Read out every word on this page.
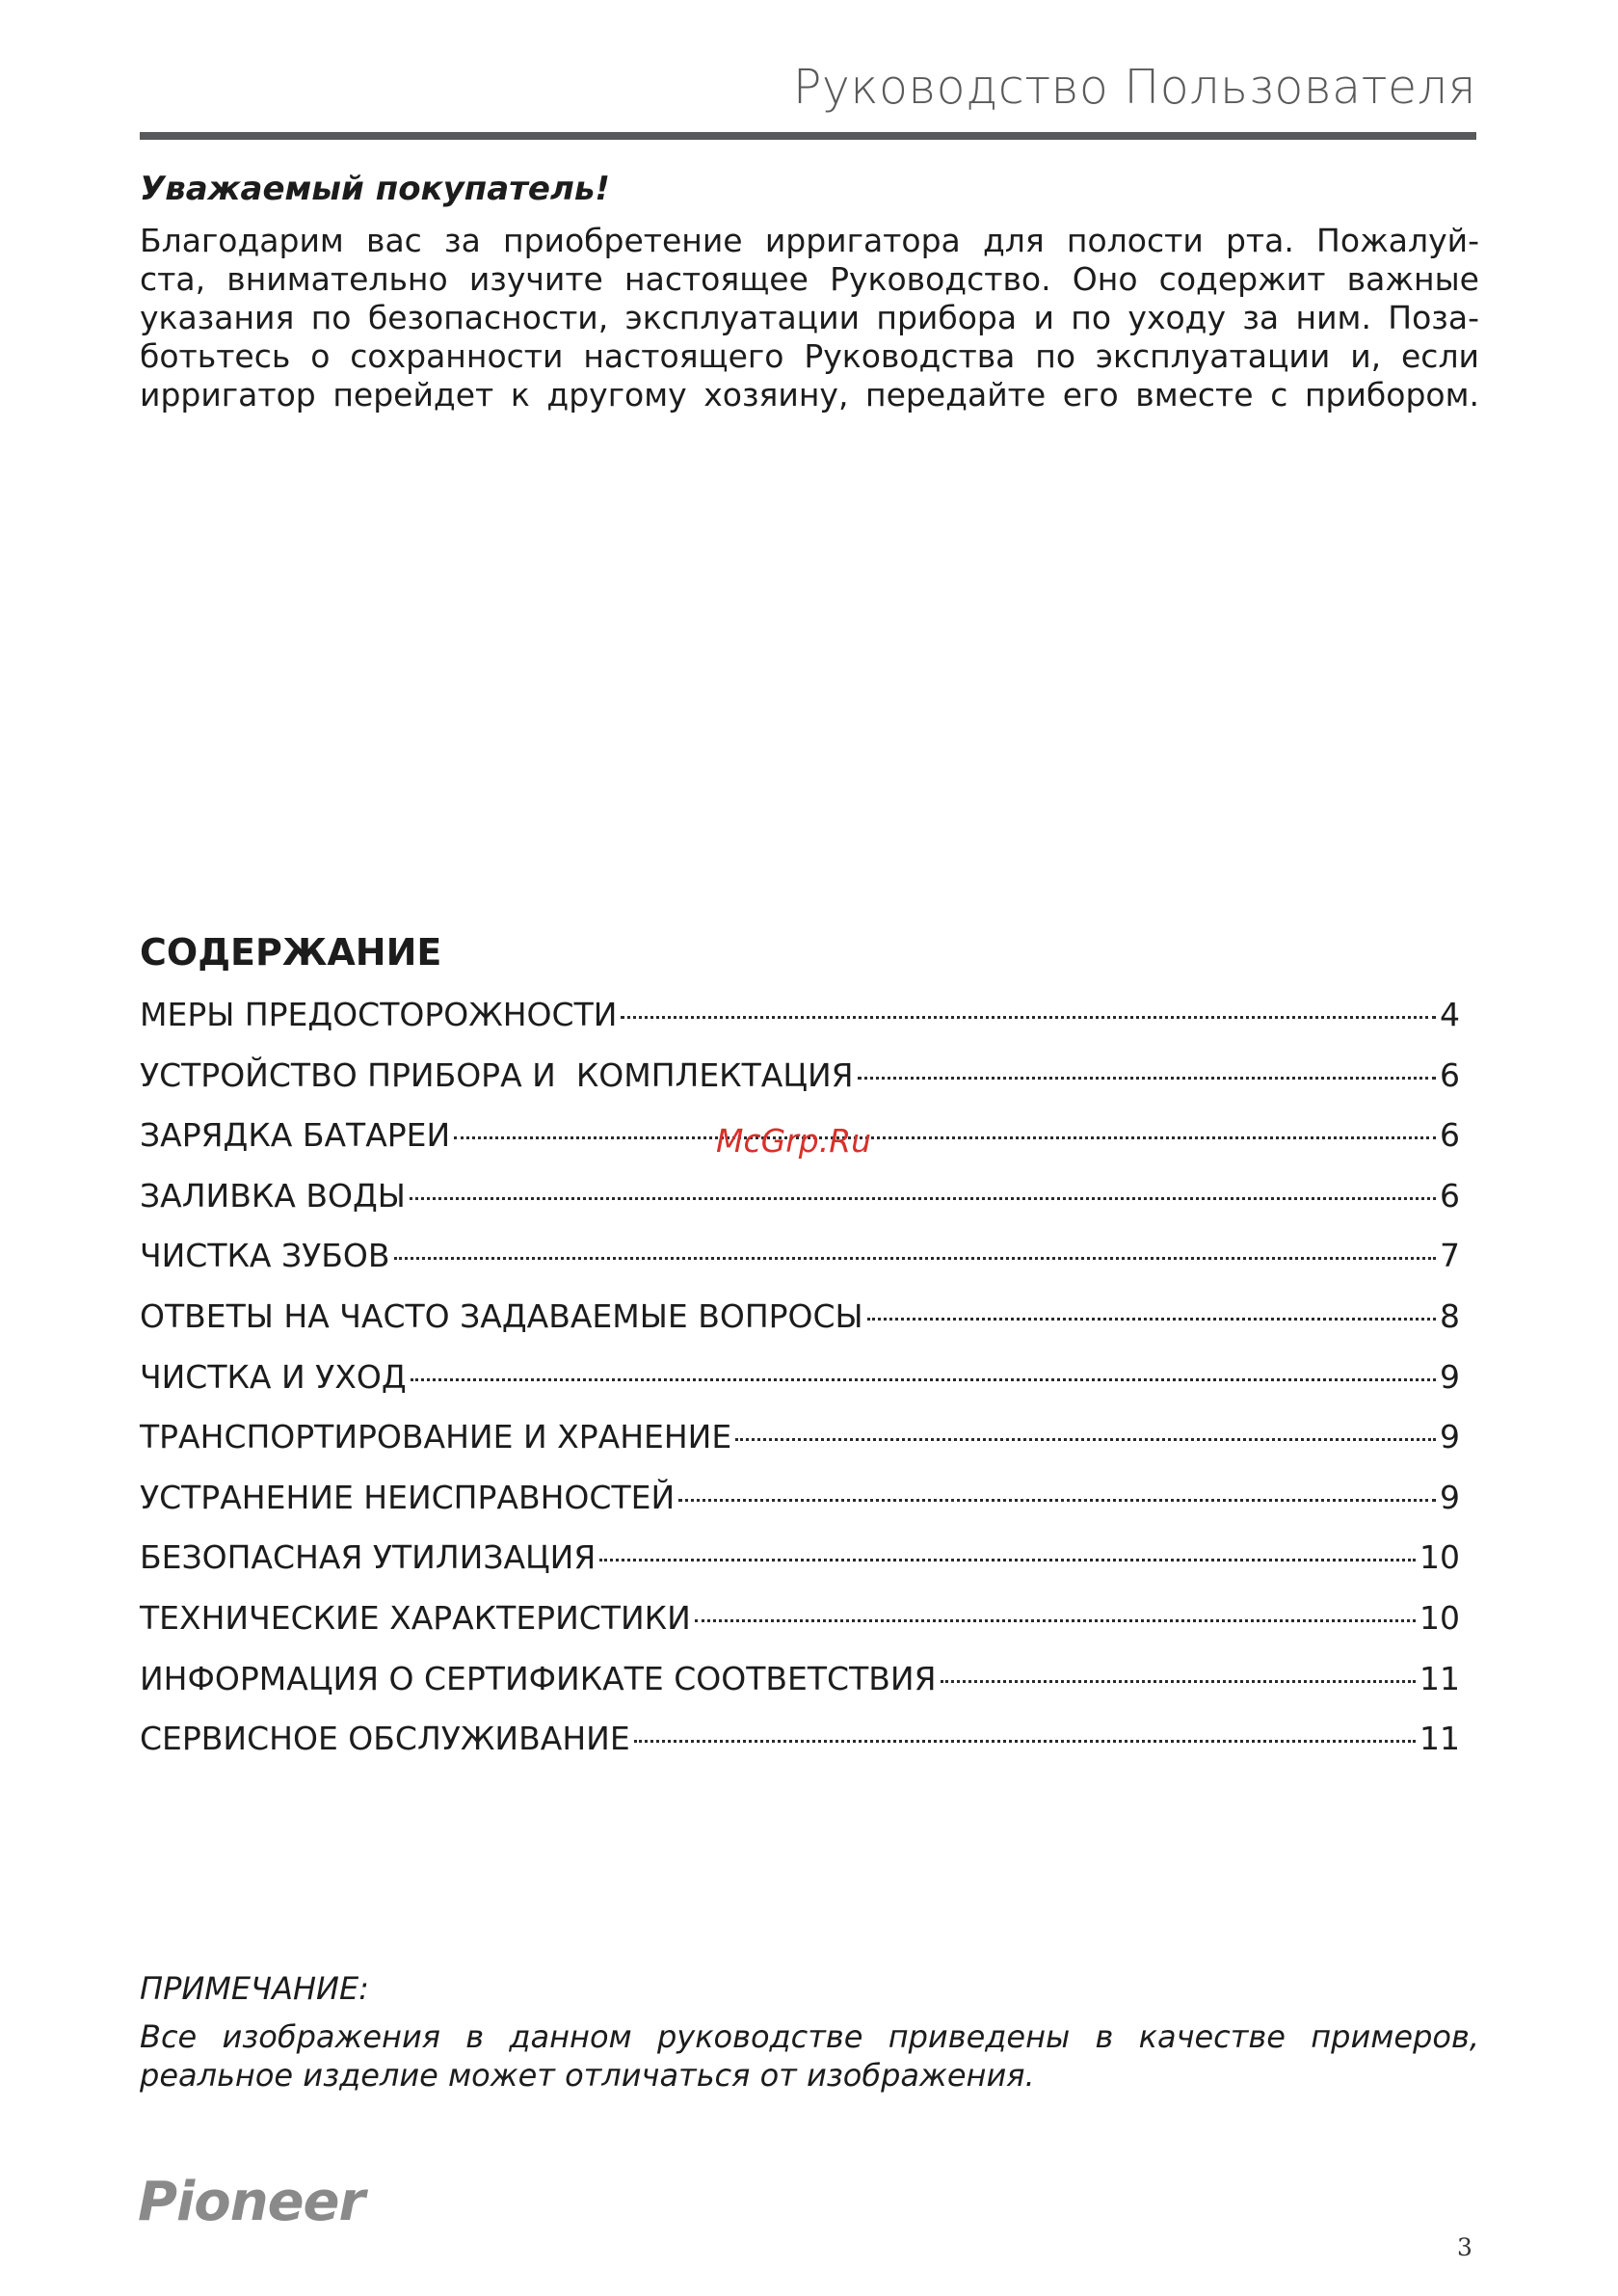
Руководство Пользователя
Уважаемый покупатель!
Благодарим вас за приобретение ирригатора для полости рта. Пожалуй-
ста, внимательно изучите настоящее Руководство. Оно содержит важные
указания по безопасности, эксплуатации прибора и по уходу за ним. Поза-
ботьтесь о сохранности настоящего Руководства по эксплуатации и, если
ирригатор перейдет к другому хозяину, передайте его вместе с прибором.
СОДЕРЖАНИЕ
МЕРЫ ПРЕДОСТОРОЖНОСТИ	4
УСТРОЙСТВО ПРИБОРА И  КОМПЛЕКТАЦИЯ	6
ЗАРЯДКА БАТАРЕИ	6
ЗАЛИВКА ВОДЫ	6
ЧИСТКА ЗУБОВ	7
ОТВЕТЫ НА ЧАСТО ЗАДАВАЕМЫЕ ВОПРОСЫ	8
ЧИСТКА И УХОД	9
ТРАНСПОРТИРОВАНИЕ И ХРАНЕНИЕ	9
УСТРАНЕНИЕ НЕИСПРАВНОСТЕЙ	9
БЕЗОПАСНАЯ УТИЛИЗАЦИЯ	10
ТЕХНИЧЕСКИЕ ХАРАКТЕРИСТИКИ	10
ИНФОРМАЦИЯ О СЕРТИФИКАТЕ СООТВЕТСТВИЯ	11
СЕРВИСНОЕ ОБСЛУЖИВАНИЕ	11
McGrp.Ru
ПРИМЕЧАНИЕ:
Все изображения в данном руководстве приведены в качестве примеров,
реальное изделие может отличаться от изображения.
Pioneer
3
